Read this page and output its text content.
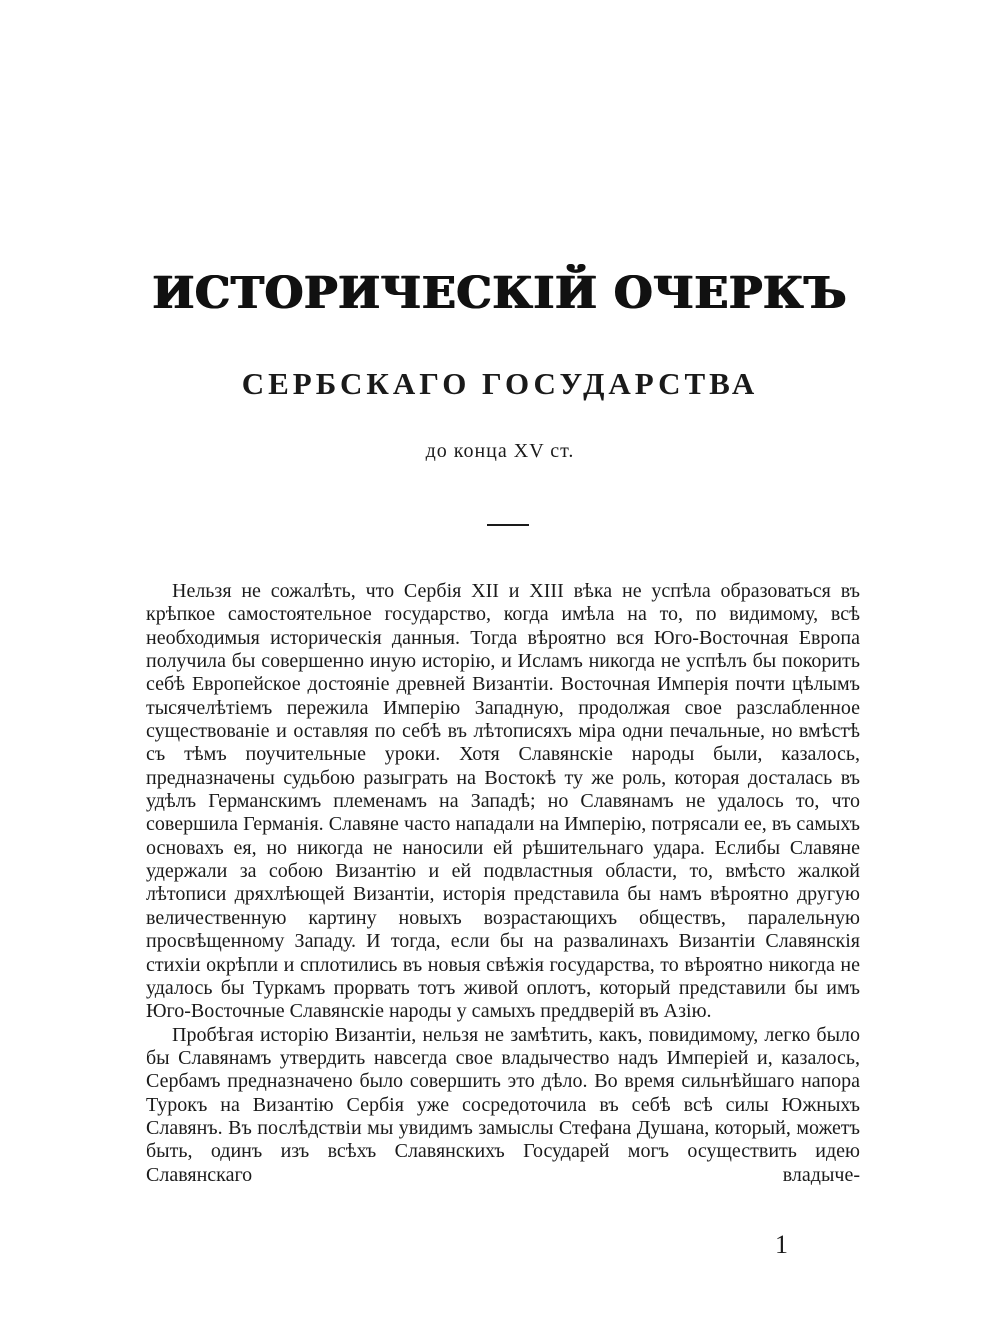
ИСТОРИЧЕСКІЙ ОЧЕРКЪ
СЕРБСКАГО ГОСУДАРСТВА

до конца XV ст.

Нельзя не сожалѣть, что Сербія XII и XIII вѣка не успѣла образоваться въ крѣпкое самостоятельное государство, когда имѣла на то, по видимому, всѣ необходимыя историческія данныя. Тогда вѣроятно вся Юго-Восточная Европа получила бы совершенно иную исторію, и Исламъ никогда не успѣлъ бы покорить себѣ Европейское достояніе древней Византіи. Восточная Имперія почти цѣлымъ тысячелѣтіемъ пережила Имперію Западную, продолжая свое разслабленное существованіе и оставляя по себѣ въ лѣтописяхъ міра одни печальные, но вмѣстѣ съ тѣмъ поучительные уроки. Хотя Славянскіе народы были, казалось, предназначены судьбою разыграть на Востокѣ ту же роль, которая досталась въ удѣлъ Германскимъ племенамъ на Западѣ; но Славянамъ не удалось то, что совершила Германія. Славяне часто нападали на Имперію, потрясали ее, въ самыхъ основахъ ея, но никогда не наносили ей рѣшительнаго удара. Еслибы Славяне удержали за собою Византію и ей подвластныя области, то, вмѣсто жалкой лѣтописи дряхлѣющей Византіи, исторія представила бы намъ вѣроятно другую величественную картину новыхъ возрастающихъ обществъ, паралельную просвѣщенному Западу. И тогда, если бы на развалинахъ Византіи Славянскія стихіи окрѣпли и сплотились въ новыя свѣжія государства, то вѣроятно никогда не удалось бы Туркамъ прорвать тотъ живой оплотъ, который представили бы имъ Юго-Восточные Славянскіе народы у самыхъ преддверій въ Азію.

Пробѣгая исторію Византіи, нельзя не замѣтить, какъ, повидимому, легко было бы Славянамъ утвердить навсегда свое владычество надъ Имперіей и, казалось, Сербамъ предназначено было совершить это дѣло. Во время сильнѣйшаго напора Турокъ на Византію Сербія уже сосредоточила въ себѣ всѣ силы Южныхъ Славянъ. Въ послѣдствіи мы увидимъ замыслы Стефана Душана, который, можетъ быть, одинъ изъ всѣхъ Славянскихъ Государей могъ осуществить идею Славянскаго владыче-

1
